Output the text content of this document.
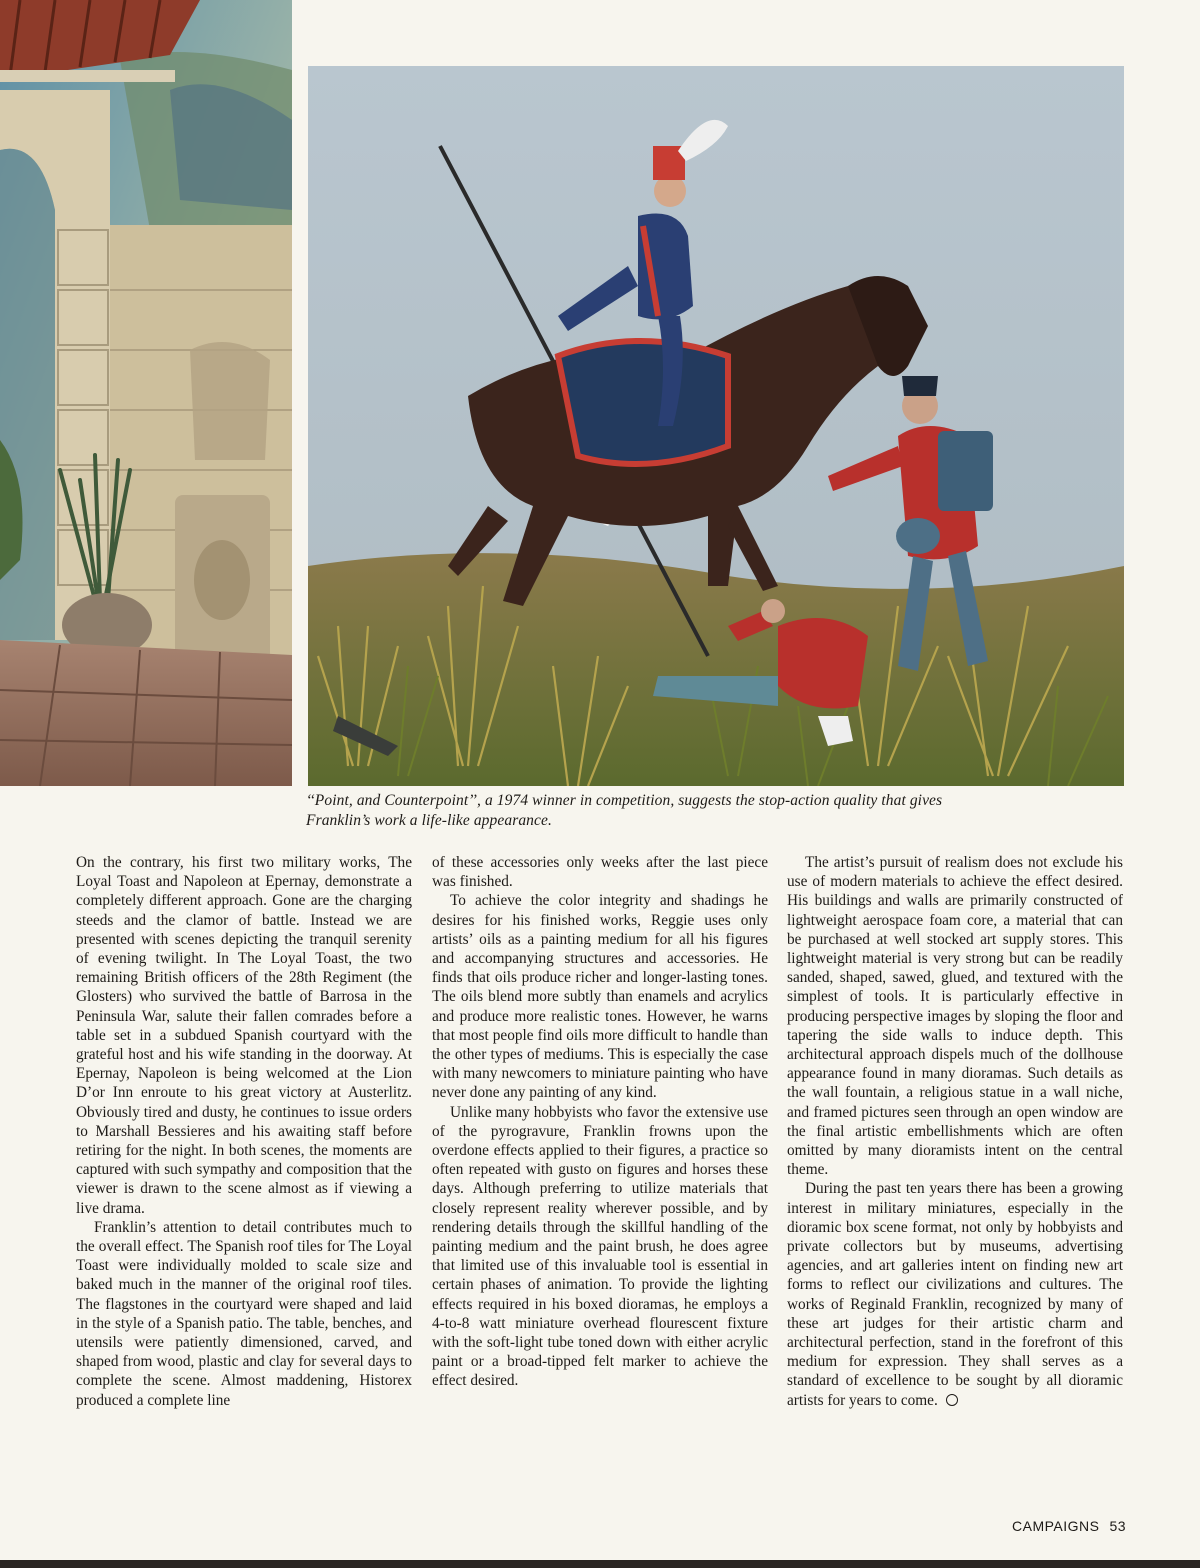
‘‘Point, and Counterpoint’’, a 1974 winner in competition, suggests the stop-action quality that gives
Franklin’s work a life-like appearance.

On the contrary, his first two military works, The Loyal Toast and Napoleon at Epernay, demonstrate a completely different approach. Gone are the charging steeds and the clamor of battle. Instead we are presented with scenes depicting the tranquil serenity of evening twilight. In The Loyal Toast, the two remaining British officers of the 28th Regiment (the Glosters) who survived the battle of Barrosa in the Peninsula War, salute their fallen comrades before a table set in a subdued Spanish courtyard with the grateful host and his wife standing in the doorway. At Epernay, Napoleon is being welcomed at the Lion D’or Inn enroute to his great victory at Austerlitz. Obviously tired and dusty, he continues to issue orders to Marshall Bessieres and his awaiting staff before retiring for the night. In both scenes, the moments are captured with such sympathy and composition that the viewer is drawn to the scene almost as if viewing a live drama.

Franklin’s attention to detail contributes much to the overall effect. The Spanish roof tiles for The Loyal Toast were individually molded to scale size and baked much in the manner of the original roof tiles. The flagstones in the courtyard were shaped and laid in the style of a Spanish patio. The table, benches, and utensils were patiently dimensioned, carved, and shaped from wood, plastic and clay for several days to complete the scene. Almost maddening, Historex produced a complete line

of these accessories only weeks after the last piece was finished.

To achieve the color integrity and shadings he desires for his finished works, Reggie uses only artists’ oils as a painting medium for all his figures and accompanying structures and accessories. He finds that oils produce richer and longer-lasting tones. The oils blend more subtly than enamels and acrylics and produce more realistic tones. However, he warns that most people find oils more difficult to handle than the other types of mediums. This is especially the case with many newcomers to miniature painting who have never done any painting of any kind.

Unlike many hobbyists who favor the extensive use of the pyrogravure, Franklin frowns upon the overdone effects applied to their figures, a practice so often repeated with gusto on figures and horses these days. Although preferring to utilize materials that closely represent reality wherever possible, and by rendering details through the skillful handling of the painting medium and the paint brush, he does agree that limited use of this invaluable tool is essential in certain phases of animation. To provide the lighting effects required in his boxed dioramas, he employs a 4-to-8 watt miniature overhead flourescent fixture with the soft-light tube toned down with either acrylic paint or a broad-tipped felt marker to achieve the effect desired.

The artist’s pursuit of realism does not exclude his use of modern materials to achieve the effect desired. His buildings and walls are primarily constructed of lightweight aerospace foam core, a material that can be purchased at well stocked art supply stores. This lightweight material is very strong but can be readily sanded, shaped, sawed, glued, and textured with the simplest of tools. It is particularly effective in producing perspective images by sloping the floor and tapering the side walls to induce depth. This architectural approach dispels much of the dollhouse appearance found in many dioramas. Such details as the wall fountain, a religious statue in a wall niche, and framed pictures seen through an open window are the final artistic embellishments which are often omitted by many dioramists intent on the central theme.

During the past ten years there has been a growing interest in military miniatures, especially in the dioramic box scene format, not only by hobbyists and private collectors but by museums, advertising agencies, and art galleries intent on finding new art forms to reflect our civilizations and cultures. The works of Reginald Franklin, recognized by many of these art judges for their artistic charm and architectural perfection, stand in the forefront of this medium for expression. They shall serves as a standard of excellence to be sought by all dioramic artists for years to come.

CAMPAIGNS 53
